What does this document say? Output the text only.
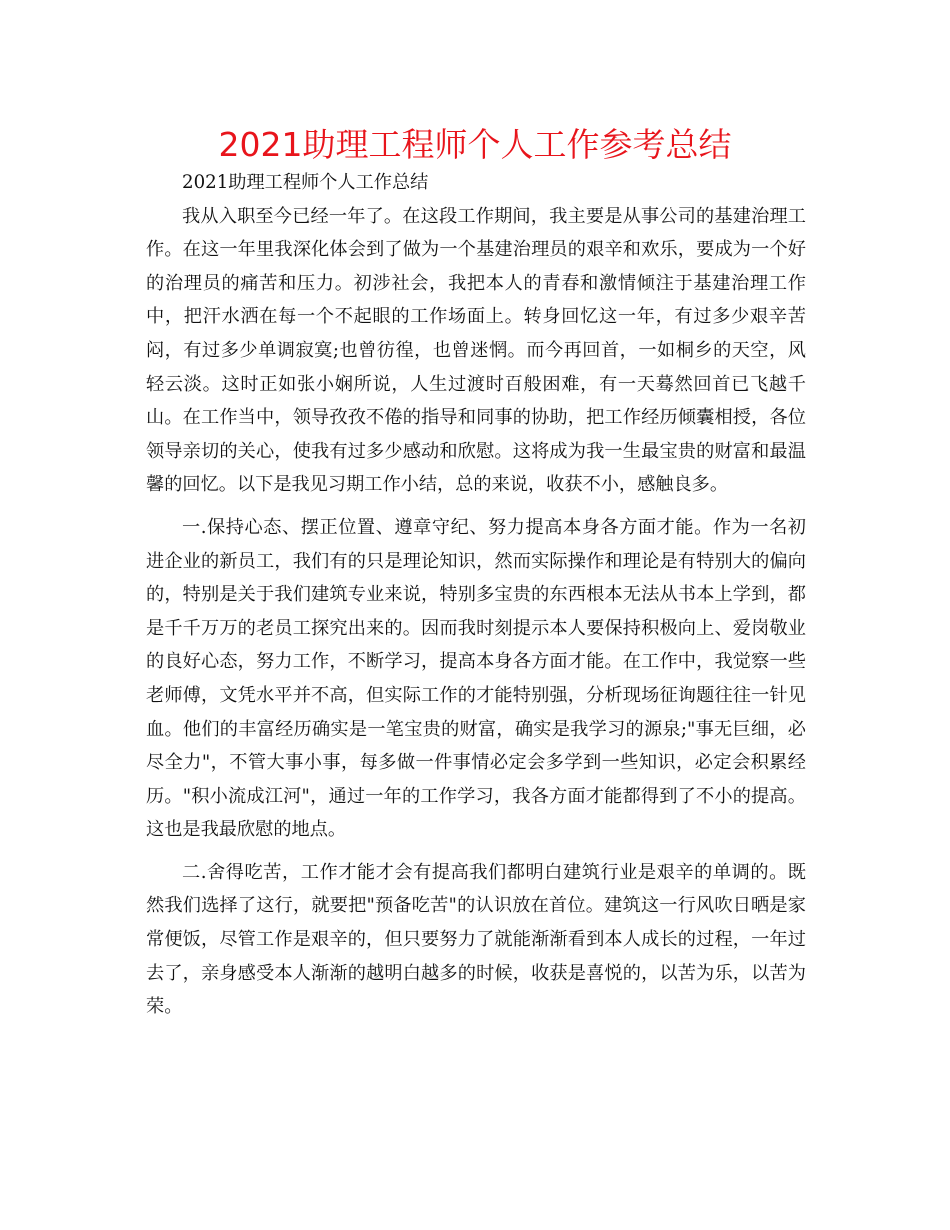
2021助理工程师个人工作参考总结

2021助理工程师个人工作总结

我从入职至今已经一年了。在这段工作期间，我主要是从事公司的基建治理工作。在这一年里我深化体会到了做为一个基建治理员的艰辛和欢乐，要成为一个好的治理员的痛苦和压力。初涉社会，我把本人的青春和激情倾注于基建治理工作中，把汗水洒在每一个不起眼的工作场面上。转身回忆这一年，有过多少艰辛苦闷，有过多少单调寂寞;也曾彷徨，也曾迷惘。而今再回首，一如桐乡的天空，风轻云淡。这时正如张小娴所说，人生过渡时百般困难，有一天蓦然回首已飞越千山。在工作当中，领导孜孜不倦的指导和同事的协助，把工作经历倾囊相授，各位领导亲切的关心，使我有过多少感动和欣慰。这将成为我一生最宝贵的财富和最温馨的回忆。以下是我见习期工作小结，总的来说，收获不小，感触良多。

一.保持心态、摆正位置、遵章守纪、努力提高本身各方面才能。作为一名初进企业的新员工，我们有的只是理论知识，然而实际操作和理论是有特别大的偏向的，特别是关于我们建筑专业来说，特别多宝贵的东西根本无法从书本上学到，都是千千万万的老员工探究出来的。因而我时刻提示本人要保持积极向上、爱岗敬业的良好心态，努力工作，不断学习，提高本身各方面才能。在工作中，我觉察一些老师傅，文凭水平并不高，但实际工作的才能特别强，分析现场征询题往往一针见血。他们的丰富经历确实是一笔宝贵的财富，确实是我学习的源泉;"事无巨细，必尽全力"，不管大事小事，每多做一件事情必定会多学到一些知识，必定会积累经历。"积小流成江河"，通过一年的工作学习，我各方面才能都得到了不小的提高。这也是我最欣慰的地点。

二.舍得吃苦，工作才能才会有提高我们都明白建筑行业是艰辛的单调的。既然我们选择了这行，就要把"预备吃苦"的认识放在首位。建筑这一行风吹日晒是家常便饭，尽管工作是艰辛的，但只要努力了就能渐渐看到本人成长的过程，一年过去了，亲身感受本人渐渐的越明白越多的时候，收获是喜悦的，以苦为乐，以苦为荣。
